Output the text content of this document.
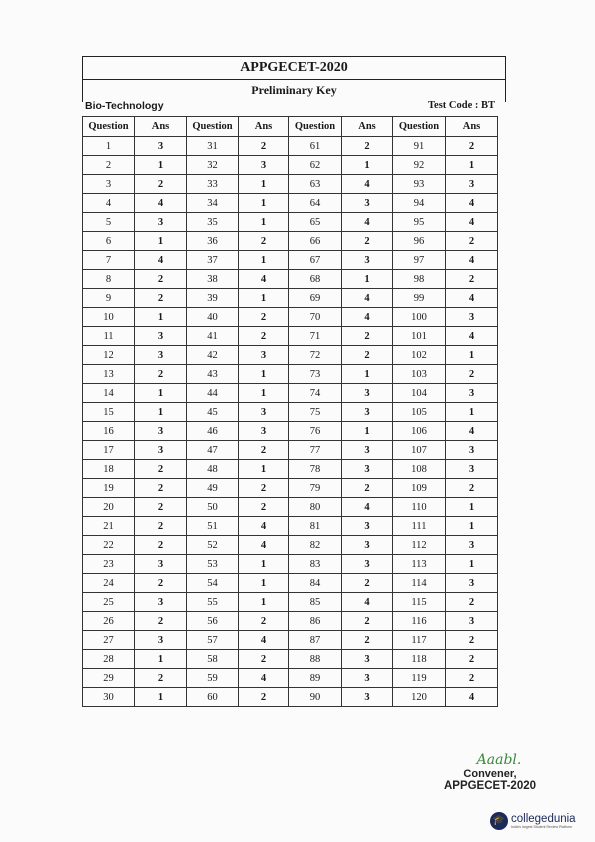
APPGECET-2020
Preliminary Key
Bio-Technology	Test Code : BT
Question	Ans	Question	Ans	Question	Ans	Question	Ans
1	3	31	2	61	2	91	2
2	1	32	3	62	1	92	1
3	2	33	1	63	4	93	3
4	4	34	1	64	3	94	4
5	3	35	1	65	4	95	4
6	1	36	2	66	2	96	2
7	4	37	1	67	3	97	4
8	2	38	4	68	1	98	2
9	2	39	1	69	4	99	4
10	1	40	2	70	4	100	3
11	3	41	2	71	2	101	4
12	3	42	3	72	2	102	1
13	2	43	1	73	1	103	2
14	1	44	1	74	3	104	3
15	1	45	3	75	3	105	1
16	3	46	3	76	1	106	4
17	3	47	2	77	3	107	3
18	2	48	1	78	3	108	3
19	2	49	2	79	2	109	2
20	2	50	2	80	4	110	1
21	2	51	4	81	3	111	1
22	2	52	4	82	3	112	3
23	3	53	1	83	3	113	1
24	2	54	1	84	2	114	3
25	3	55	1	85	4	115	2
26	2	56	2	86	2	116	3
27	3	57	4	87	2	117	2
28	1	58	2	88	3	118	2
29	2	59	4	89	3	119	2
30	1	60	2	90	3	120	4
Aaabl.
Convener,
APPGECET-2020
🎓 collegedunia
India's largest Student Review Platform
